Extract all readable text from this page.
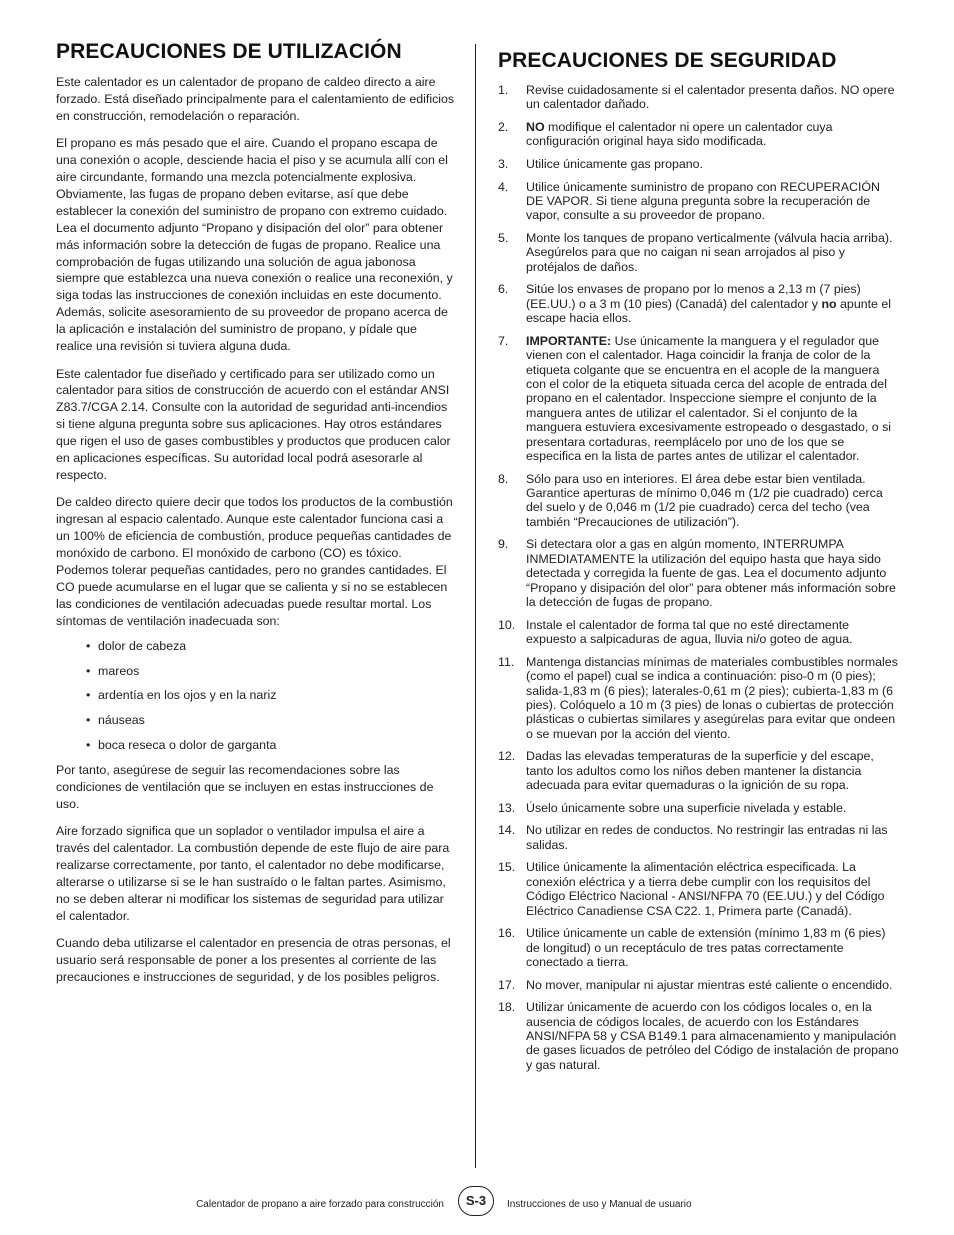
PRECAUCIONES DE UTILIZACIÓN

Este calentador es un calentador de propano de caldeo directo a aire forzado. Está diseñado principalmente para el calentamiento de edificios en construcción, remodelación o reparación.

El propano es más pesado que el aire. Cuando el propano escapa de una conexión o acople, desciende hacia el piso y se acumula allí con el aire circundante, formando una mezcla potencialmente explosiva. Obviamente, las fugas de propano deben evitarse, así que debe establecer la conexión del suministro de propano con extremo cuidado. Lea el documento adjunto “Propano y disipación del olor” para obtener más información sobre la detección de fugas de propano. Realice una comprobación de fugas utilizando una solución de agua jabonosa siempre que establezca una nueva conexión o realice una reconexión, y siga todas las instrucciones de conexión incluidas en este documento. Además, solicite asesoramiento de su proveedor de propano acerca de la aplicación e instalación del suministro de propano, y pídale que realice una revisión si tuviera alguna duda.

Este calentador fue diseñado y certificado para ser utilizado como un calentador para sitios de construcción de acuerdo con el estándar ANSI Z83.7/CGA 2.14. Consulte con la autoridad de seguridad anti-incendios si tiene alguna pregunta sobre sus aplicaciones. Hay otros estándares que rigen el uso de gases combustibles y productos que producen calor en aplicaciones específicas. Su autoridad local podrá asesorarle al respecto.

De caldeo directo quiere decir que todos los productos de la combustión ingresan al espacio calentado. Aunque este calentador funciona casi a un 100% de eficiencia de combustión, produce pequeñas cantidades de monóxido de carbono. El monóxido de carbono (CO) es tóxico. Podemos tolerar pequeñas cantidades, pero no grandes cantidades. El CO puede acumularse en el lugar que se calienta y si no se establecen las condiciones de ventilación adecuadas puede resultar mortal. Los síntomas de ventilación inadecuada son:

• dolor de cabeza
• mareos
• ardentía en los ojos y en la nariz
• náuseas
• boca reseca o dolor de garganta

Por tanto, asegúrese de seguir las recomendaciones sobre las condiciones de ventilación que se incluyen en estas instrucciones de uso.

Aire forzado significa que un soplador o ventilador impulsa el aire a través del calentador. La combustión depende de este flujo de aire para realizarse correctamente, por tanto, el calentador no debe modificarse, alterarse o utilizarse si se le han sustraído o le faltan partes. Asimismo, no se deben alterar ni modificar los sistemas de seguridad para utilizar el calentador.

Cuando deba utilizarse el calentador en presencia de otras personas, el usuario será responsable de poner a los presentes al corriente de las precauciones e instrucciones de seguridad, y de los posibles peligros.

PRECAUCIONES DE SEGURIDAD
1. Revise cuidadosamente si el calentador presenta daños. NO opere un calentador dañado.
2. NO modifique el calentador ni opere un calentador cuya configuración original haya sido modificada.
3. Utilice únicamente gas propano.
4. Utilice únicamente suministro de propano con RECUPERACIÓN DE VAPOR. Si tiene alguna pregunta sobre la recuperación de vapor, consulte a su proveedor de propano.
5. Monte los tanques de propano verticalmente (válvula hacia arriba). Asegúrelos para que no caigan ni sean arrojados al piso y protéjalos de daños.
6. Sitúe los envases de propano por lo menos a 2,13 m (7 pies) (EE.UU.) o a 3 m (10 pies) (Canadá) del calentador y no apunte el escape hacia ellos.
7. IMPORTANTE: Use únicamente la manguera y el regulador que vienen con el calentador. Haga coincidir la franja de color de la etiqueta colgante que se encuentra en el acople de la manguera con el color de la etiqueta situada cerca del acople de entrada del propano en el calentador. Inspeccione siempre el conjunto de la manguera antes de utilizar el calentador. Si el conjunto de la manguera estuviera excesivamente estropeado o desgastado, o si presentara cortaduras, reemplácelo por uno de los que se especifica en la lista de partes antes de utilizar el calentador.
8. Sólo para uso en interiores. El área debe estar bien ventilada. Garantice aperturas de mínimo 0,046 m (1/2 pie cuadrado) cerca del suelo y de 0,046 m (1/2 pie cuadrado) cerca del techo (vea también “Precauciones de utilización”).
9. Si detectara olor a gas en algún momento, INTERRUMPA INMEDIATAMENTE la utilización del equipo hasta que haya sido detectada y corregida la fuente de gas. Lea el documento adjunto “Propano y disipación del olor” para obtener más información sobre la detección de fugas de propano.
10. Instale el calentador de forma tal que no esté directamente expuesto a salpicaduras de agua, lluvia ni/o goteo de agua.
11. Mantenga distancias mínimas de materiales combustibles normales (como el papel) cual se indica a continuación: piso-0 m (0 pies); salida-1,83 m (6 pies); laterales-0,61 m (2 pies); cubierta-1,83 m (6 pies). Colóquelo a 10 m (3 pies) de lonas o cubiertas de protección plásticas o cubiertas similares y asegúrelas para evitar que ondeen o se muevan por la acción del viento.
12. Dadas las elevadas temperaturas de la superficie y del escape, tanto los adultos como los niños deben mantener la distancia adecuada para evitar quemaduras o la ignición de su ropa.
13. Úselo únicamente sobre una superficie nivelada y estable.
14. No utilizar en redes de conductos. No restringir las entradas ni las salidas.
15. Utilice únicamente la alimentación eléctrica especificada. La conexión eléctrica y a tierra debe cumplir con los requisitos del Código Eléctrico Nacional - ANSI/NFPA 70 (EE.UU.) y del Código Eléctrico Canadiense CSA C22. 1, Primera parte (Canadá).
16. Utilice únicamente un cable de extensión (mínimo 1,83 m (6 pies) de longitud) o un receptáculo de tres patas correctamente conectado a tierra.
17. No mover, manipular ni ajustar mientras esté caliente o encendido.
18. Utilizar únicamente de acuerdo con los códigos locales o, en la ausencia de códigos locales, de acuerdo con los Estándares ANSI/NFPA 58 y CSA B149.1 para almacenamiento y manipulación de gases licuados de petróleo del Código de instalación de propano y gas natural.
Calentador de propano a aire forzado para construcción	S-3	Instrucciones de uso y Manual de usuario
